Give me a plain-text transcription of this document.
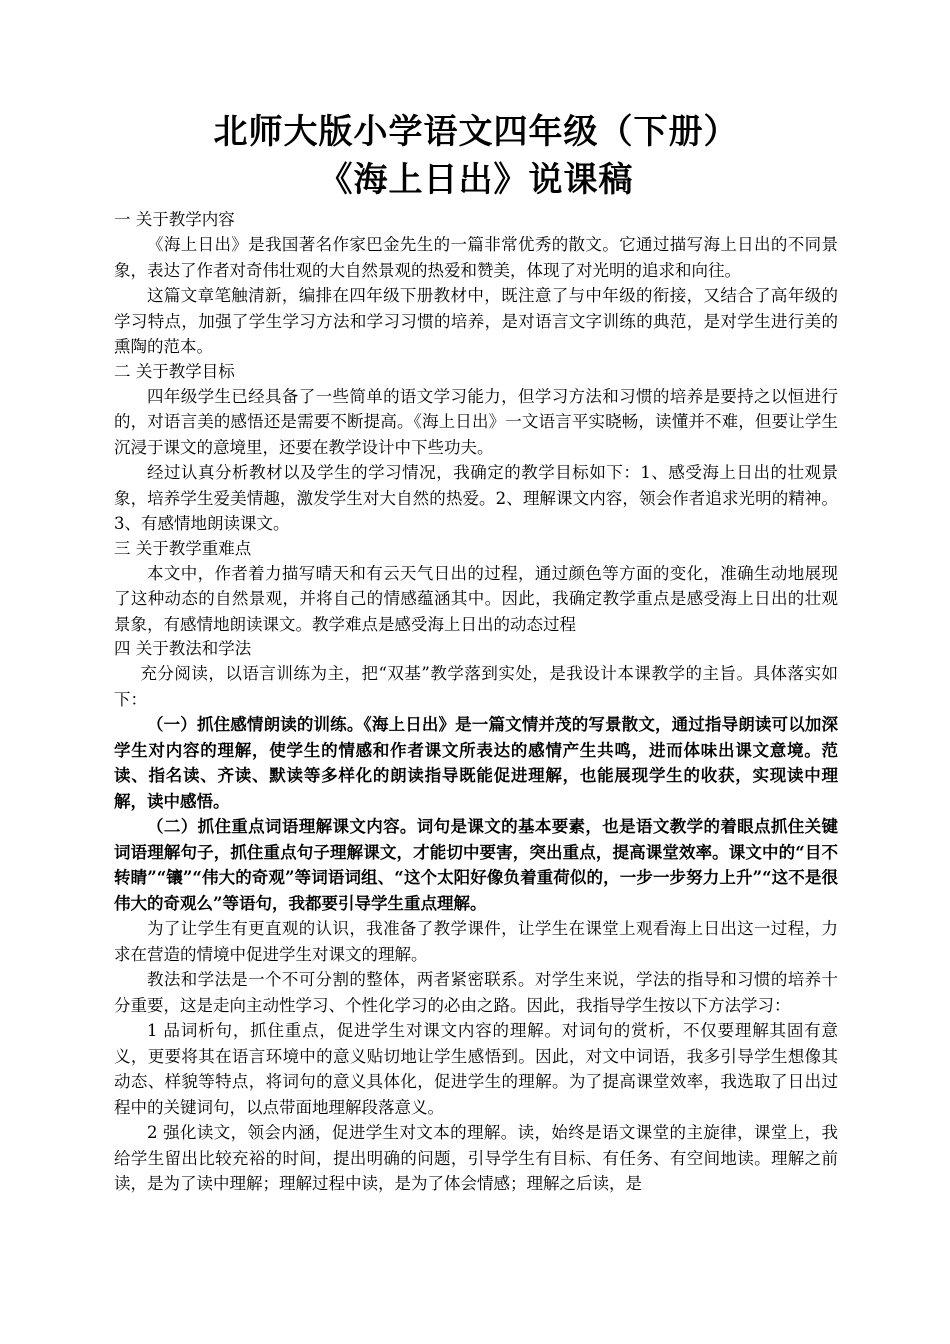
北师大版小学语文四年级（下册）
《海上日出》说课稿

一 关于教学内容

《海上日出》是我国著名作家巴金先生的一篇非常优秀的散文。它通过描写海上日出的不同景象，表达了作者对奇伟壮观的大自然景观的热爱和赞美，体现了对光明的追求和向往。

这篇文章笔触清新，编排在四年级下册教材中，既注意了与中年级的衔接，又结合了高年级的学习特点，加强了学生学习方法和学习习惯的培养，是对语言文字训练的典范，是对学生进行美的熏陶的范本。

二 关于教学目标

四年级学生已经具备了一些简单的语文学习能力，但学习方法和习惯的培养是要持之以恒进行的，对语言美的感悟还是需要不断提高。《海上日出》一文语言平实晓畅，读懂并不难，但要让学生沉浸于课文的意境里，还要在教学设计中下些功夫。

经过认真分析教材以及学生的学习情况，我确定的教学目标如下：1、感受海上日出的壮观景象，培养学生爱美情趣，激发学生对大自然的热爱。2、理解课文内容，领会作者追求光明的精神。3、有感情地朗读课文。

三 关于教学重难点

本文中，作者着力描写晴天和有云天气日出的过程，通过颜色等方面的变化，准确生动地展现了这种动态的自然景观，并将自己的情感蕴涵其中。因此，我确定教学重点是感受海上日出的壮观景象，有感情地朗读课文。教学难点是感受海上日出的动态过程

四 关于教法和学法

充分阅读，以语言训练为主，把“双基”教学落到实处，是我设计本课教学的主旨。具体落实如下：

（一）抓住感情朗读的训练。《海上日出》是一篇文情并茂的写景散文，通过指导朗读可以加深学生对内容的理解，使学生的情感和作者课文所表达的感情产生共鸣，进而体味出课文意境。范读、指名读、齐读、默读等多样化的朗读指导既能促进理解，也能展现学生的收获，实现读中理解，读中感悟。

（二）抓住重点词语理解课文内容。词句是课文的基本要素，也是语文教学的着眼点抓住关键词语理解句子，抓住重点句子理解课文，才能切中要害，突出重点，提高课堂效率。课文中的“目不转睛”“镶”“伟大的奇观”等词语词组、“这个太阳好像负着重荷似的，一步一步努力上升”“这不是很伟大的奇观么”等语句，我都要引导学生重点理解。

为了让学生有更直观的认识，我准备了教学课件，让学生在课堂上观看海上日出这一过程，力求在营造的情境中促进学生对课文的理解。

教法和学法是一个不可分割的整体，两者紧密联系。对学生来说，学法的指导和习惯的培养十分重要，这是走向主动性学习、个性化学习的必由之路。因此，我指导学生按以下方法学习：

1 品词析句，抓住重点，促进学生对课文内容的理解。对词句的赏析，不仅要理解其固有意义，更要将其在语言环境中的意义贴切地让学生感悟到。因此，对文中词语，我多引导学生想像其动态、样貌等特点，将词句的意义具体化，促进学生的理解。为了提高课堂效率，我选取了日出过程中的关键词句，以点带面地理解段落意义。

2 强化读文，领会内涵，促进学生对文本的理解。读，始终是语文课堂的主旋律，课堂上，我给学生留出比较充裕的时间，提出明确的问题，引导学生有目标、有任务、有空间地读。理解之前读，是为了读中理解；理解过程中读，是为了体会情感；理解之后读，是
